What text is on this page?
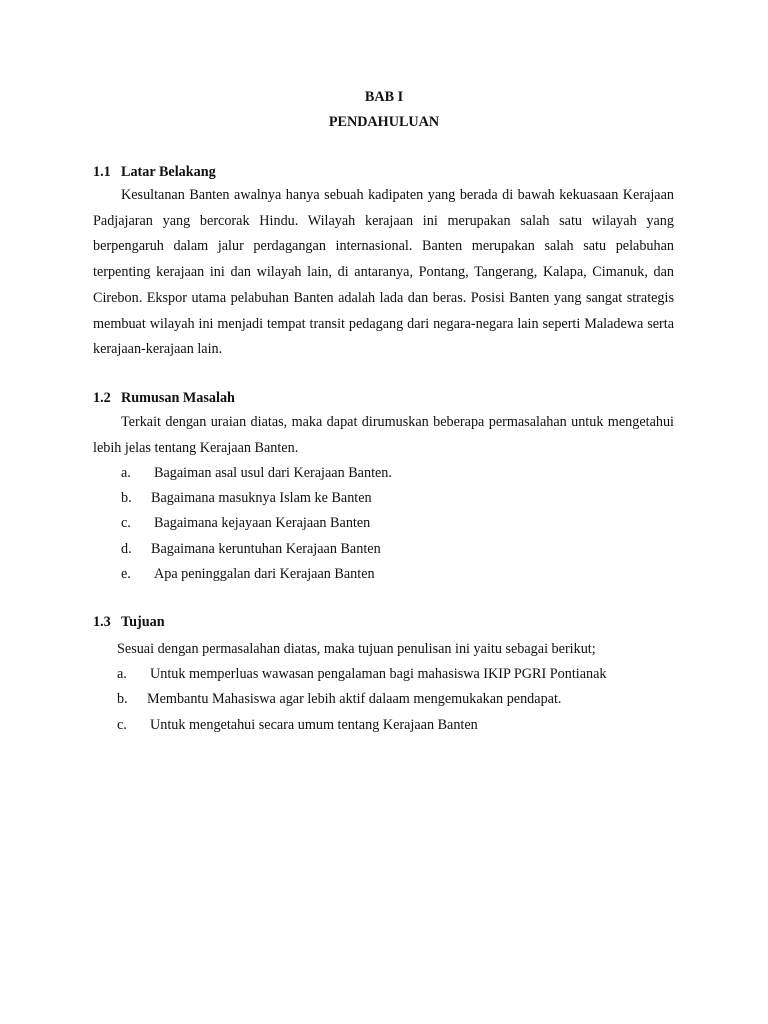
BAB I

PENDAHULUAN

1.1 Latar Belakang

Kesultanan Banten awalnya hanya sebuah kadipaten yang berada di bawah kekuasaan Kerajaan Padjajaran yang bercorak Hindu. Wilayah kerajaan ini merupakan salah satu wilayah yang berpengaruh dalam jalur perdagangan internasional. Banten merupakan salah satu pelabuhan terpenting kerajaan ini dan wilayah lain, di antaranya, Pontang, Tangerang, Kalapa, Cimanuk, dan Cirebon. Ekspor utama pelabuhan Banten adalah lada dan beras. Posisi Banten yang sangat strategis membuat wilayah ini menjadi tempat transit pedagang dari negara-negara lain seperti Maladewa serta kerajaan-kerajaan lain.

1.2 Rumusan Masalah

Terkait dengan uraian diatas, maka dapat dirumuskan beberapa permasalahan untuk mengetahui lebih jelas tentang Kerajaan Banten.

a. Bagaiman asal usul dari Kerajaan Banten.
b. Bagaimana masuknya Islam ke Banten
c. Bagaimana kejayaan Kerajaan Banten
d. Bagaimana keruntuhan Kerajaan Banten
e. Apa peninggalan dari Kerajaan Banten

1.3 Tujuan

Sesuai dengan permasalahan diatas, maka tujuan penulisan ini yaitu sebagai berikut;
a. Untuk memperluas wawasan pengalaman bagi mahasiswa IKIP PGRI Pontianak
b. Membantu Mahasiswa agar lebih aktif dalaam mengemukakan pendapat.
c. Untuk mengetahui secara umum tentang Kerajaan Banten
